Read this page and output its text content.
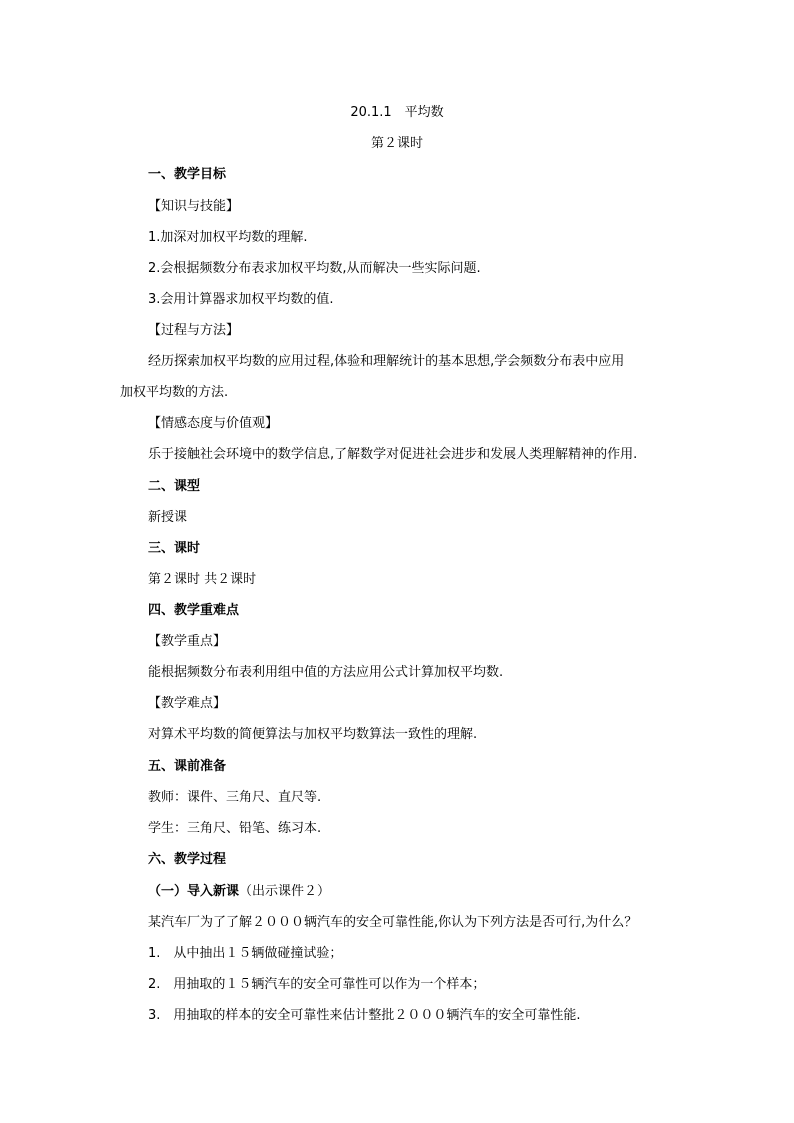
20.1.1　平均数
第２课时
一、教学目标
【知识与技能】
1.加深对加权平均数的理解.
2.会根据频数分布表求加权平均数,从而解决一些实际问题.
3.会用计算器求加权平均数的值.
【过程与方法】
经历探索加权平均数的应用过程,体验和理解统计的基本思想,学会频数分布表中应用
加权平均数的方法.
【情感态度与价值观】
乐于接触社会环境中的数学信息,了解数学对促进社会进步和发展人类理解精神的作用.
二、课型
新授课
三、课时
第２课时 共２课时
四、教学重难点
【教学重点】
能根据频数分布表利用组中值的方法应用公式计算加权平均数.
【教学难点】
对算术平均数的简便算法与加权平均数算法一致性的理解.
五、课前准备
教师：课件、三角尺、直尺等.
学生：三角尺、铅笔、练习本.
六、教学过程
（一）导入新课（出示课件２）
某汽车厂为了了解２０００辆汽车的安全可靠性能,你认为下列方法是否可行,为什么？
1.　从中抽出１５辆做碰撞试验；
2.　用抽取的１５辆汽车的安全可靠性可以作为一个样本；
3.　用抽取的样本的安全可靠性来估计整批２０００辆汽车的安全可靠性能.
